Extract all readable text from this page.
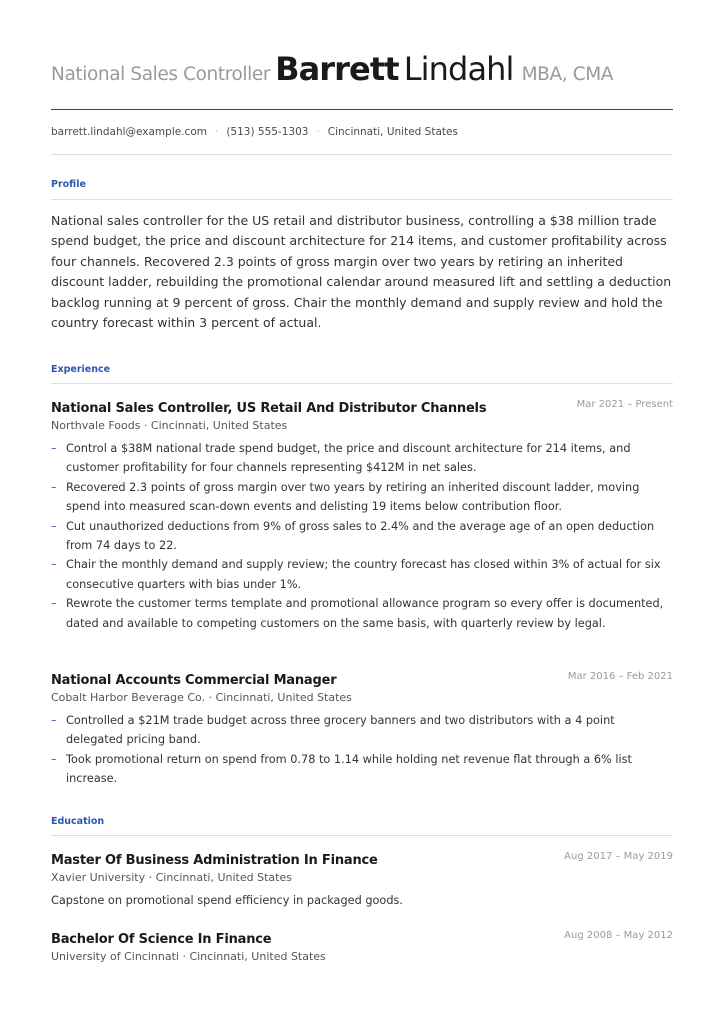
National Sales Controller Barrett Lindahl MBA, CMA
barrett.lindahl@example.com · (513) 555-1303 · Cincinnati, United States
Profile

National sales controller for the US retail and distributor business, controlling a $38 million trade spend budget, the price and discount architecture for 214 items, and customer profitability across four channels. Recovered 2.3 points of gross margin over two years by retiring an inherited discount ladder, rebuilding the promotional calendar around measured lift and settling a deduction backlog running at 9 percent of gross. Chair the monthly demand and supply review and hold the country forecast within 3 percent of actual.

Experience
National Sales Controller, US Retail And Distributor Channels	Mar 2021 – Present
Northvale Foods · Cincinnati, United States
– Control a $38M national trade spend budget, the price and discount architecture for 214 items, and customer profitability for four channels representing $412M in net sales.
– Recovered 2.3 points of gross margin over two years by retiring an inherited discount ladder, moving spend into measured scan-down events and delisting 19 items below contribution floor.
– Cut unauthorized deductions from 9% of gross sales to 2.4% and the average age of an open deduction from 74 days to 22.
– Chair the monthly demand and supply review; the country forecast has closed within 3% of actual for six consecutive quarters with bias under 1%.
– Rewrote the customer terms template and promotional allowance program so every offer is documented, dated and available to competing customers on the same basis, with quarterly review by legal.
National Accounts Commercial Manager	Mar 2016 – Feb 2021
Cobalt Harbor Beverage Co. · Cincinnati, United States
– Controlled a $21M trade budget across three grocery banners and two distributors with a 4 point delegated pricing band.
– Took promotional return on spend from 0.78 to 1.14 while holding net revenue flat through a 6% list increase.
Education
Master Of Business Administration In Finance	Aug 2017 – May 2019
Xavier University · Cincinnati, United States
Capstone on promotional spend efficiency in packaged goods.
Bachelor Of Science In Finance	Aug 2008 – May 2012
University of Cincinnati · Cincinnati, United States
